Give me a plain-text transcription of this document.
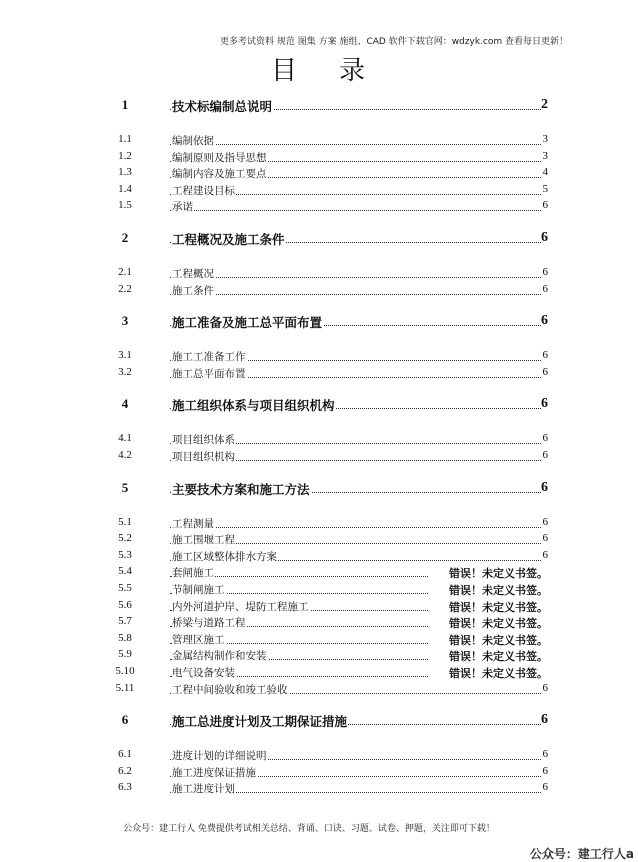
更多考试资料 规范 图集 方案 施组、CAD 软件下载官网：wdzyk.com 查看每日更新！
目录
1	技术标编制总说明	2
1.1	编制依据	3
1.2	编制原则及指导思想	3
1.3	编制内容及施工要点	4
1.4	工程建设目标	5
1.5	承诺	6
2	工程概况及施工条件	6
2.1	工程概况	6
2.2	施工条件	6
3	施工准备及施工总平面布置	6
3.1	施工工准备工作	6
3.2	施工总平面布置	6
4	施工组织体系与项目组织机构	6
4.1	项目组织体系	6
4.2	项目组织机构	6
5	主要技术方案和施工方法	6
5.1	工程测量	6
5.2	施工围堰工程	6
5.3	施工区域整体排水方案	6
5.4	套闸施工	错误！未定义书签。
5.5	节制闸施工	错误！未定义书签。
5.6	内外河道护岸、堤防工程施工	错误！未定义书签。
5.7	桥梁与道路工程	错误！未定义书签。
5.8	管理区施工	错误！未定义书签。
5.9	金属结构制作和安装	错误！未定义书签。
5.10	电气设备安装	错误！未定义书签。
5.11	工程中间验收和竣工验收	6
6	施工总进度计划及工期保证措施	6
6.1	进度计划的详细说明	6
6.2	施工进度保证措施	6
6.3	施工进度计划	6
公众号：建工行人 免费提供考试相关总结、背诵、口诀、习题、试卷、押题，关注即可下载！
公众号：建工行人a
